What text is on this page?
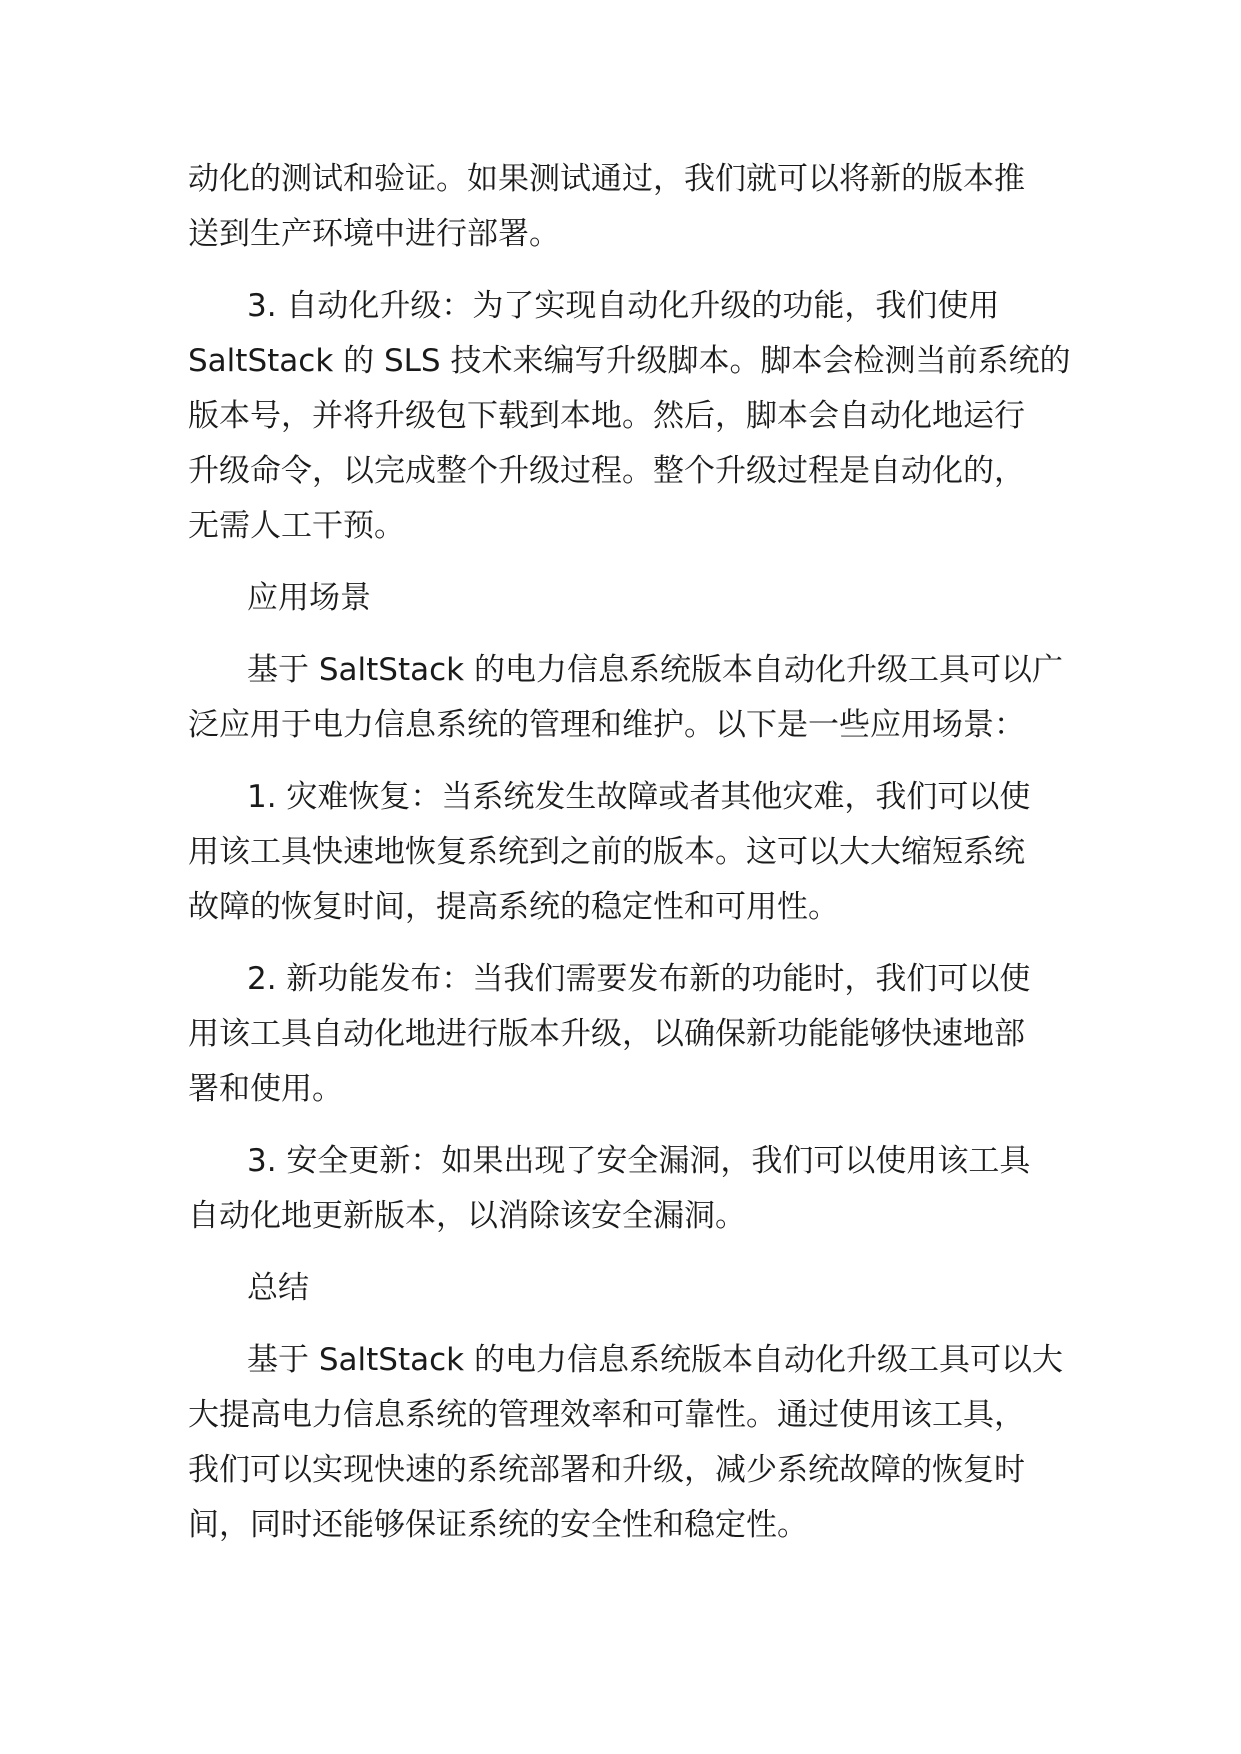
动化的测试和验证。如果测试通过，我们就可以将新的版本推
送到生产环境中进行部署。

3. 自动化升级：为了实现自动化升级的功能，我们使用
SaltStack 的 SLS 技术来编写升级脚本。脚本会检测当前系统的
版本号，并将升级包下载到本地。然后，脚本会自动化地运行
升级命令，以完成整个升级过程。整个升级过程是自动化的，
无需人工干预。

应用场景

基于 SaltStack 的电力信息系统版本自动化升级工具可以广
泛应用于电力信息系统的管理和维护。以下是一些应用场景：

1. 灾难恢复：当系统发生故障或者其他灾难，我们可以使
用该工具快速地恢复系统到之前的版本。这可以大大缩短系统
故障的恢复时间，提高系统的稳定性和可用性。

2. 新功能发布：当我们需要发布新的功能时，我们可以使
用该工具自动化地进行版本升级，以确保新功能能够快速地部
署和使用。

3. 安全更新：如果出现了安全漏洞，我们可以使用该工具
自动化地更新版本，以消除该安全漏洞。

总结

基于 SaltStack 的电力信息系统版本自动化升级工具可以大
大提高电力信息系统的管理效率和可靠性。通过使用该工具，
我们可以实现快速的系统部署和升级，减少系统故障的恢复时
间，同时还能够保证系统的安全性和稳定性。
